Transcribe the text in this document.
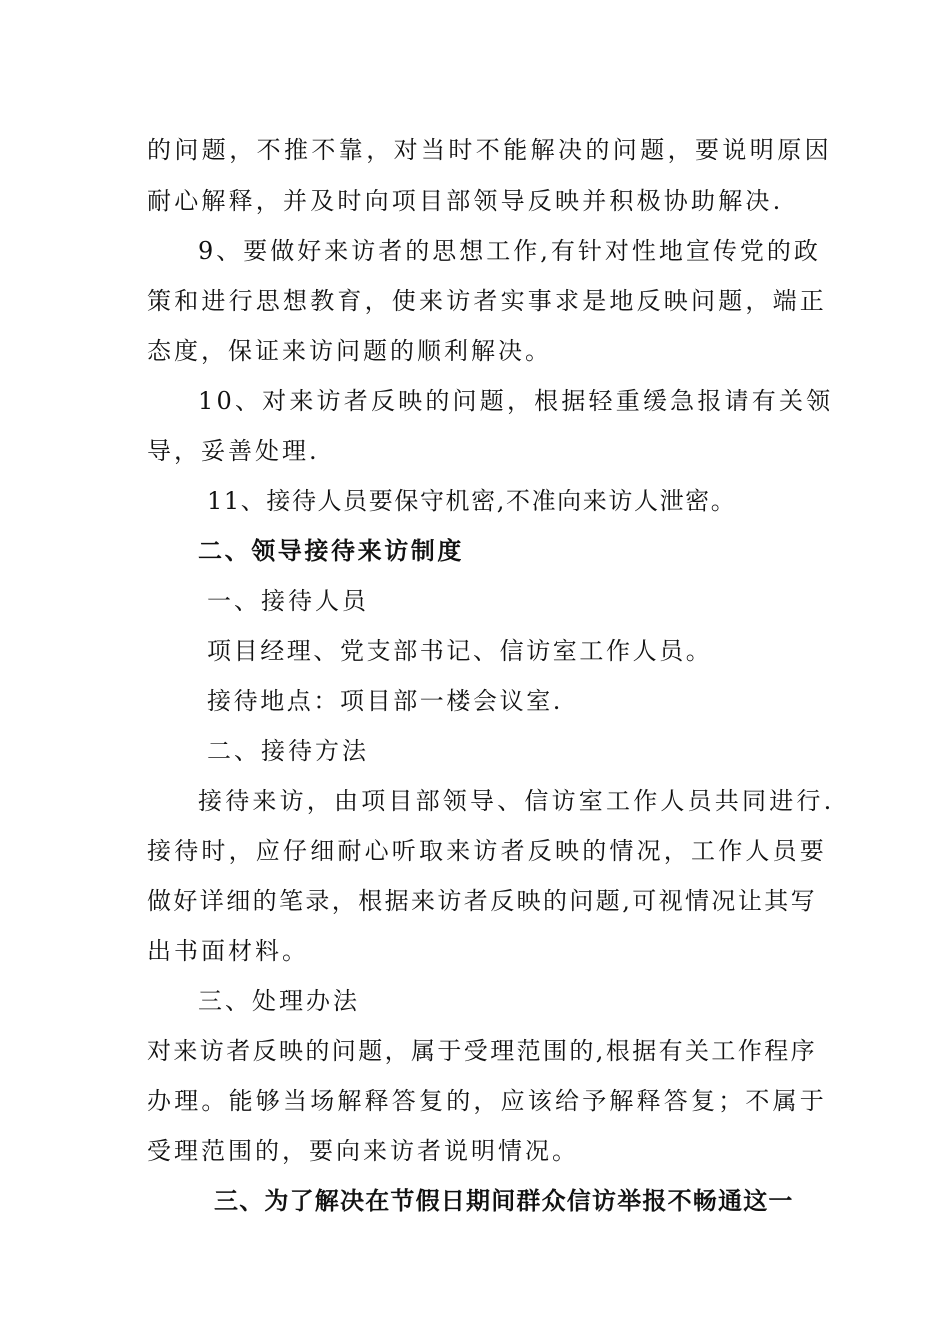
的问题，不推不靠，对当时不能解决的问题，要说明原因
耐心解释，并及时向项目部领导反映并积极协助解决.
9、要做好来访者的思想工作,有针对性地宣传党的政
策和进行思想教育，使来访者实事求是地反映问题，端正
态度，保证来访问题的顺利解决。
10、对来访者反映的问题，根据轻重缓急报请有关领
导，妥善处理.
11、接待人员要保守机密,不准向来访人泄密。
二、领导接待来访制度
一、接待人员
项目经理、党支部书记、信访室工作人员。
接待地点：项目部一楼会议室.
二、接待方法
接待来访，由项目部领导、信访室工作人员共同进行.
接待时，应仔细耐心听取来访者反映的情况，工作人员要
做好详细的笔录，根据来访者反映的问题,可视情况让其写
出书面材料。
三、处理办法
对来访者反映的问题，属于受理范围的,根据有关工作程序
办理。能够当场解释答复的，应该给予解释答复；不属于
受理范围的，要向来访者说明情况。
三、为了解决在节假日期间群众信访举报不畅通这一
